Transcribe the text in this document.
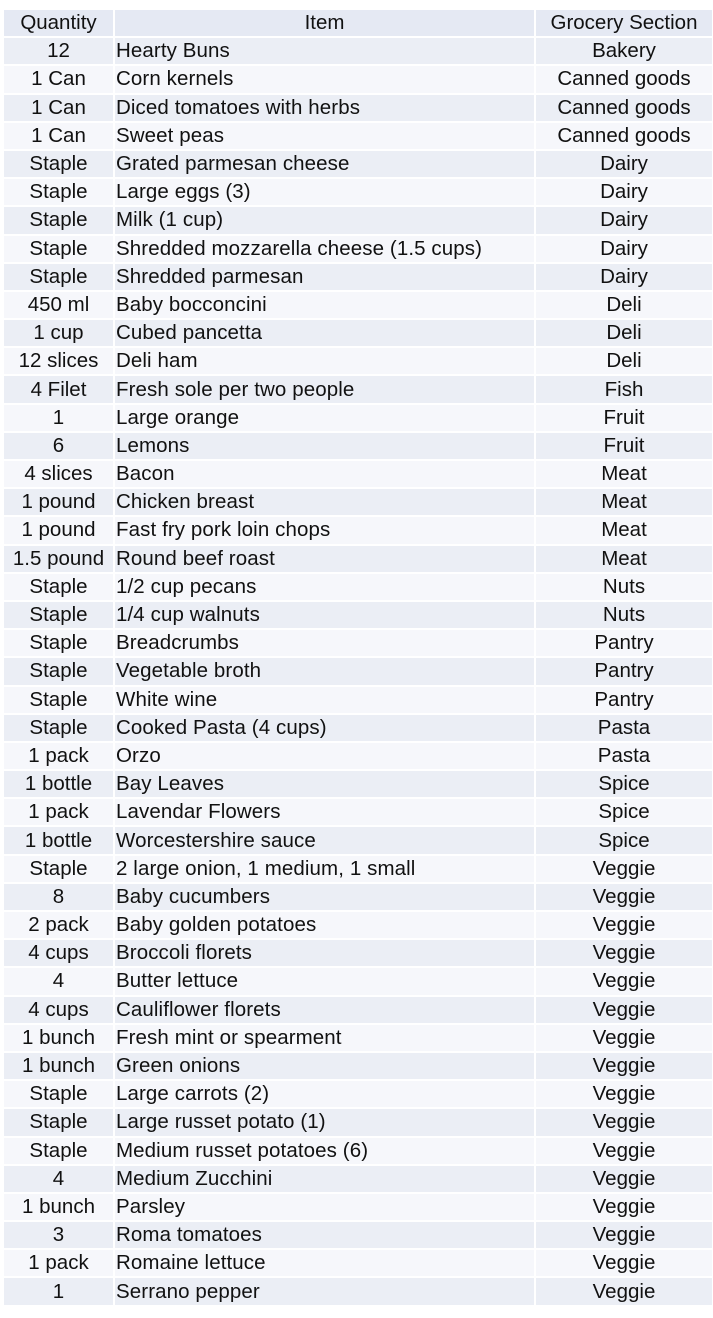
Quantity	Item	Grocery Section
12	Hearty Buns	Bakery
1 Can	Corn kernels	Canned goods
1 Can	Diced tomatoes with herbs	Canned goods
1 Can	Sweet peas	Canned goods
Staple	Grated parmesan cheese	Dairy
Staple	Large eggs (3)	Dairy
Staple	Milk (1 cup)	Dairy
Staple	Shredded mozzarella cheese (1.5 cups)	Dairy
Staple	Shredded parmesan	Dairy
450 ml	Baby bocconcini	Deli
1 cup	Cubed pancetta	Deli
12 slices	Deli ham	Deli
4 Filet	Fresh sole per two people	Fish
1	Large orange	Fruit
6	Lemons	Fruit
4 slices	Bacon	Meat
1 pound	Chicken breast	Meat
1 pound	Fast fry pork loin chops	Meat
1.5 pound	Round beef roast	Meat
Staple	1/2 cup pecans	Nuts
Staple	1/4 cup walnuts	Nuts
Staple	Breadcrumbs	Pantry
Staple	Vegetable broth	Pantry
Staple	White wine	Pantry
Staple	Cooked Pasta (4 cups)	Pasta
1 pack	Orzo	Pasta
1 bottle	Bay Leaves	Spice
1 pack	Lavendar Flowers	Spice
1 bottle	Worcestershire sauce	Spice
Staple	2 large onion, 1 medium, 1 small	Veggie
8	Baby cucumbers	Veggie
2 pack	Baby golden potatoes	Veggie
4 cups	Broccoli florets	Veggie
4	Butter lettuce	Veggie
4 cups	Cauliflower florets	Veggie
1 bunch	Fresh mint or spearment	Veggie
1 bunch	Green onions	Veggie
Staple	Large carrots (2)	Veggie
Staple	Large russet potato (1)	Veggie
Staple	Medium russet potatoes (6)	Veggie
4	Medium Zucchini	Veggie
1 bunch	Parsley	Veggie
3	Roma tomatoes	Veggie
1 pack	Romaine lettuce	Veggie
1	Serrano pepper	Veggie
